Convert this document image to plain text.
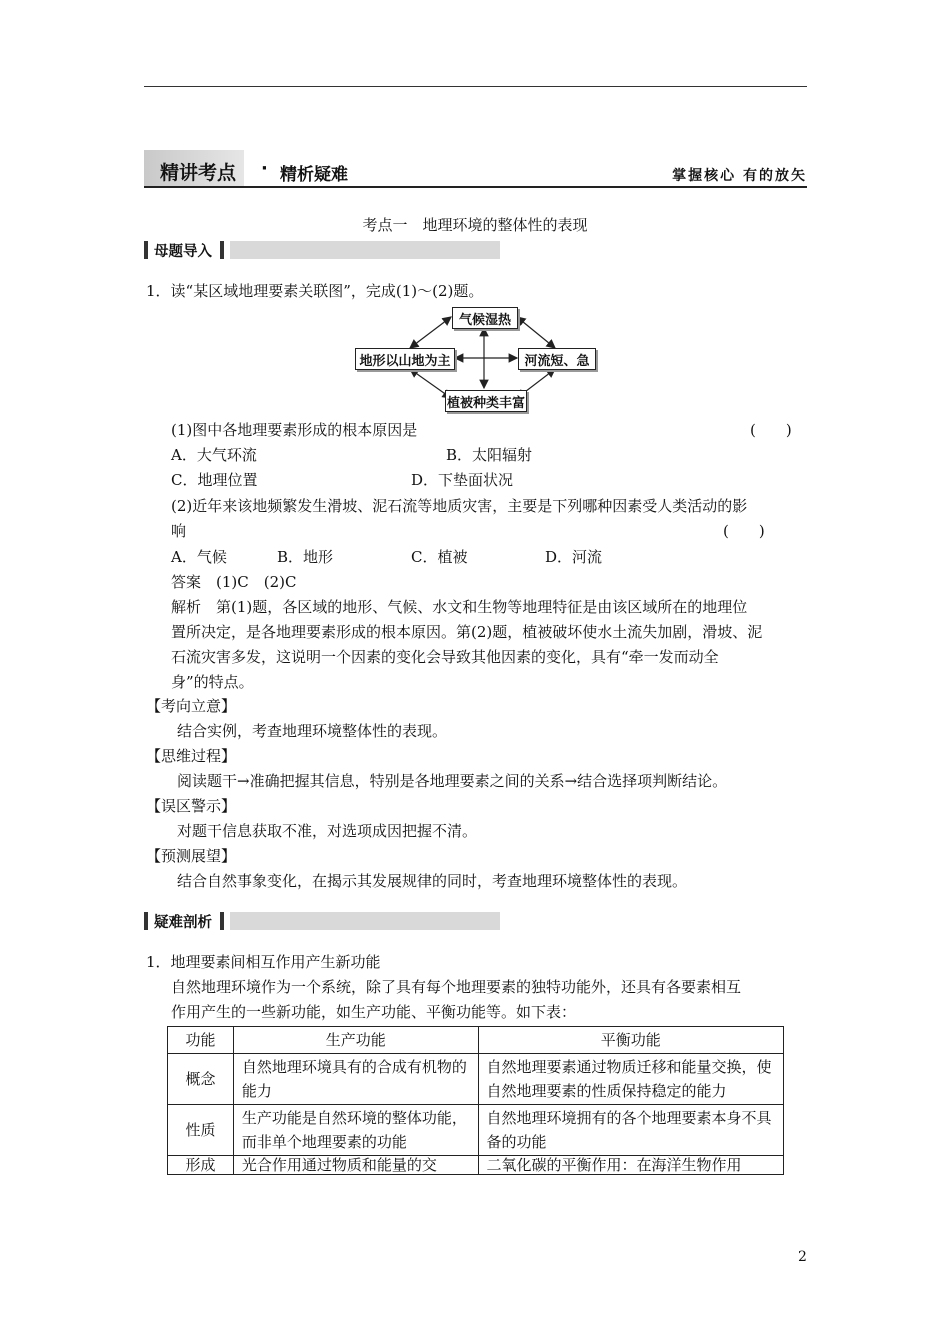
精讲考点 · 精析疑难	掌握核心 有的放矢
考点一　地理环境的整体性的表现
母题导入
1．读“某区域地理要素关联图”，完成(1)～(2)题。
气候湿热
地形以山地为主	河流短、急
植被种类丰富
(1)图中各地理要素形成的根本原因是	(　　)
A．大气环流	B．太阳辐射
C．地理位置	D．下垫面状况
(2)近年来该地频繁发生滑坡、泥石流等地质灾害，主要是下列哪种因素受人类活动的影
响	(　　)
A．气候	B．地形	C．植被	D．河流
答案　(1)C　(2)C
解析　第(1)题，各区域的地形、气候、水文和生物等地理特征是由该区域所在的地理位
置所决定，是各地理要素形成的根本原因。第(2)题，植被破坏使水土流失加剧，滑坡、泥
石流灾害多发，这说明一个因素的变化会导致其他因素的变化，具有“牵一发而动全
身”的特点。
【考向立意】
结合实例，考查地理环境整体性的表现。
【思维过程】
阅读题干→准确把握其信息，特别是各地理要素之间的关系→结合选择项判断结论。
【误区警示】
对题干信息获取不准，对选项成因把握不清。
【预测展望】
结合自然事象变化，在揭示其发展规律的同时，考查地理环境整体性的表现。
疑难剖析
1．地理要素间相互作用产生新功能
自然地理环境作为一个系统，除了具有每个地理要素的独特功能外，还具有各要素相互
作用产生的一些新功能，如生产功能、平衡功能等。如下表：
功能	生产功能	平衡功能
概念	自然地理环境具有的合成有机物的能力	自然地理要素通过物质迁移和能量交换，使自然地理要素的性质保持稳定的能力
性质	生产功能是自然环境的整体功能，而非单个地理要素的功能	自然地理环境拥有的各个地理要素本身不具备的功能
形成	光合作用通过物质和能量的交	二氧化碳的平衡作用：在海洋生物作用
2
